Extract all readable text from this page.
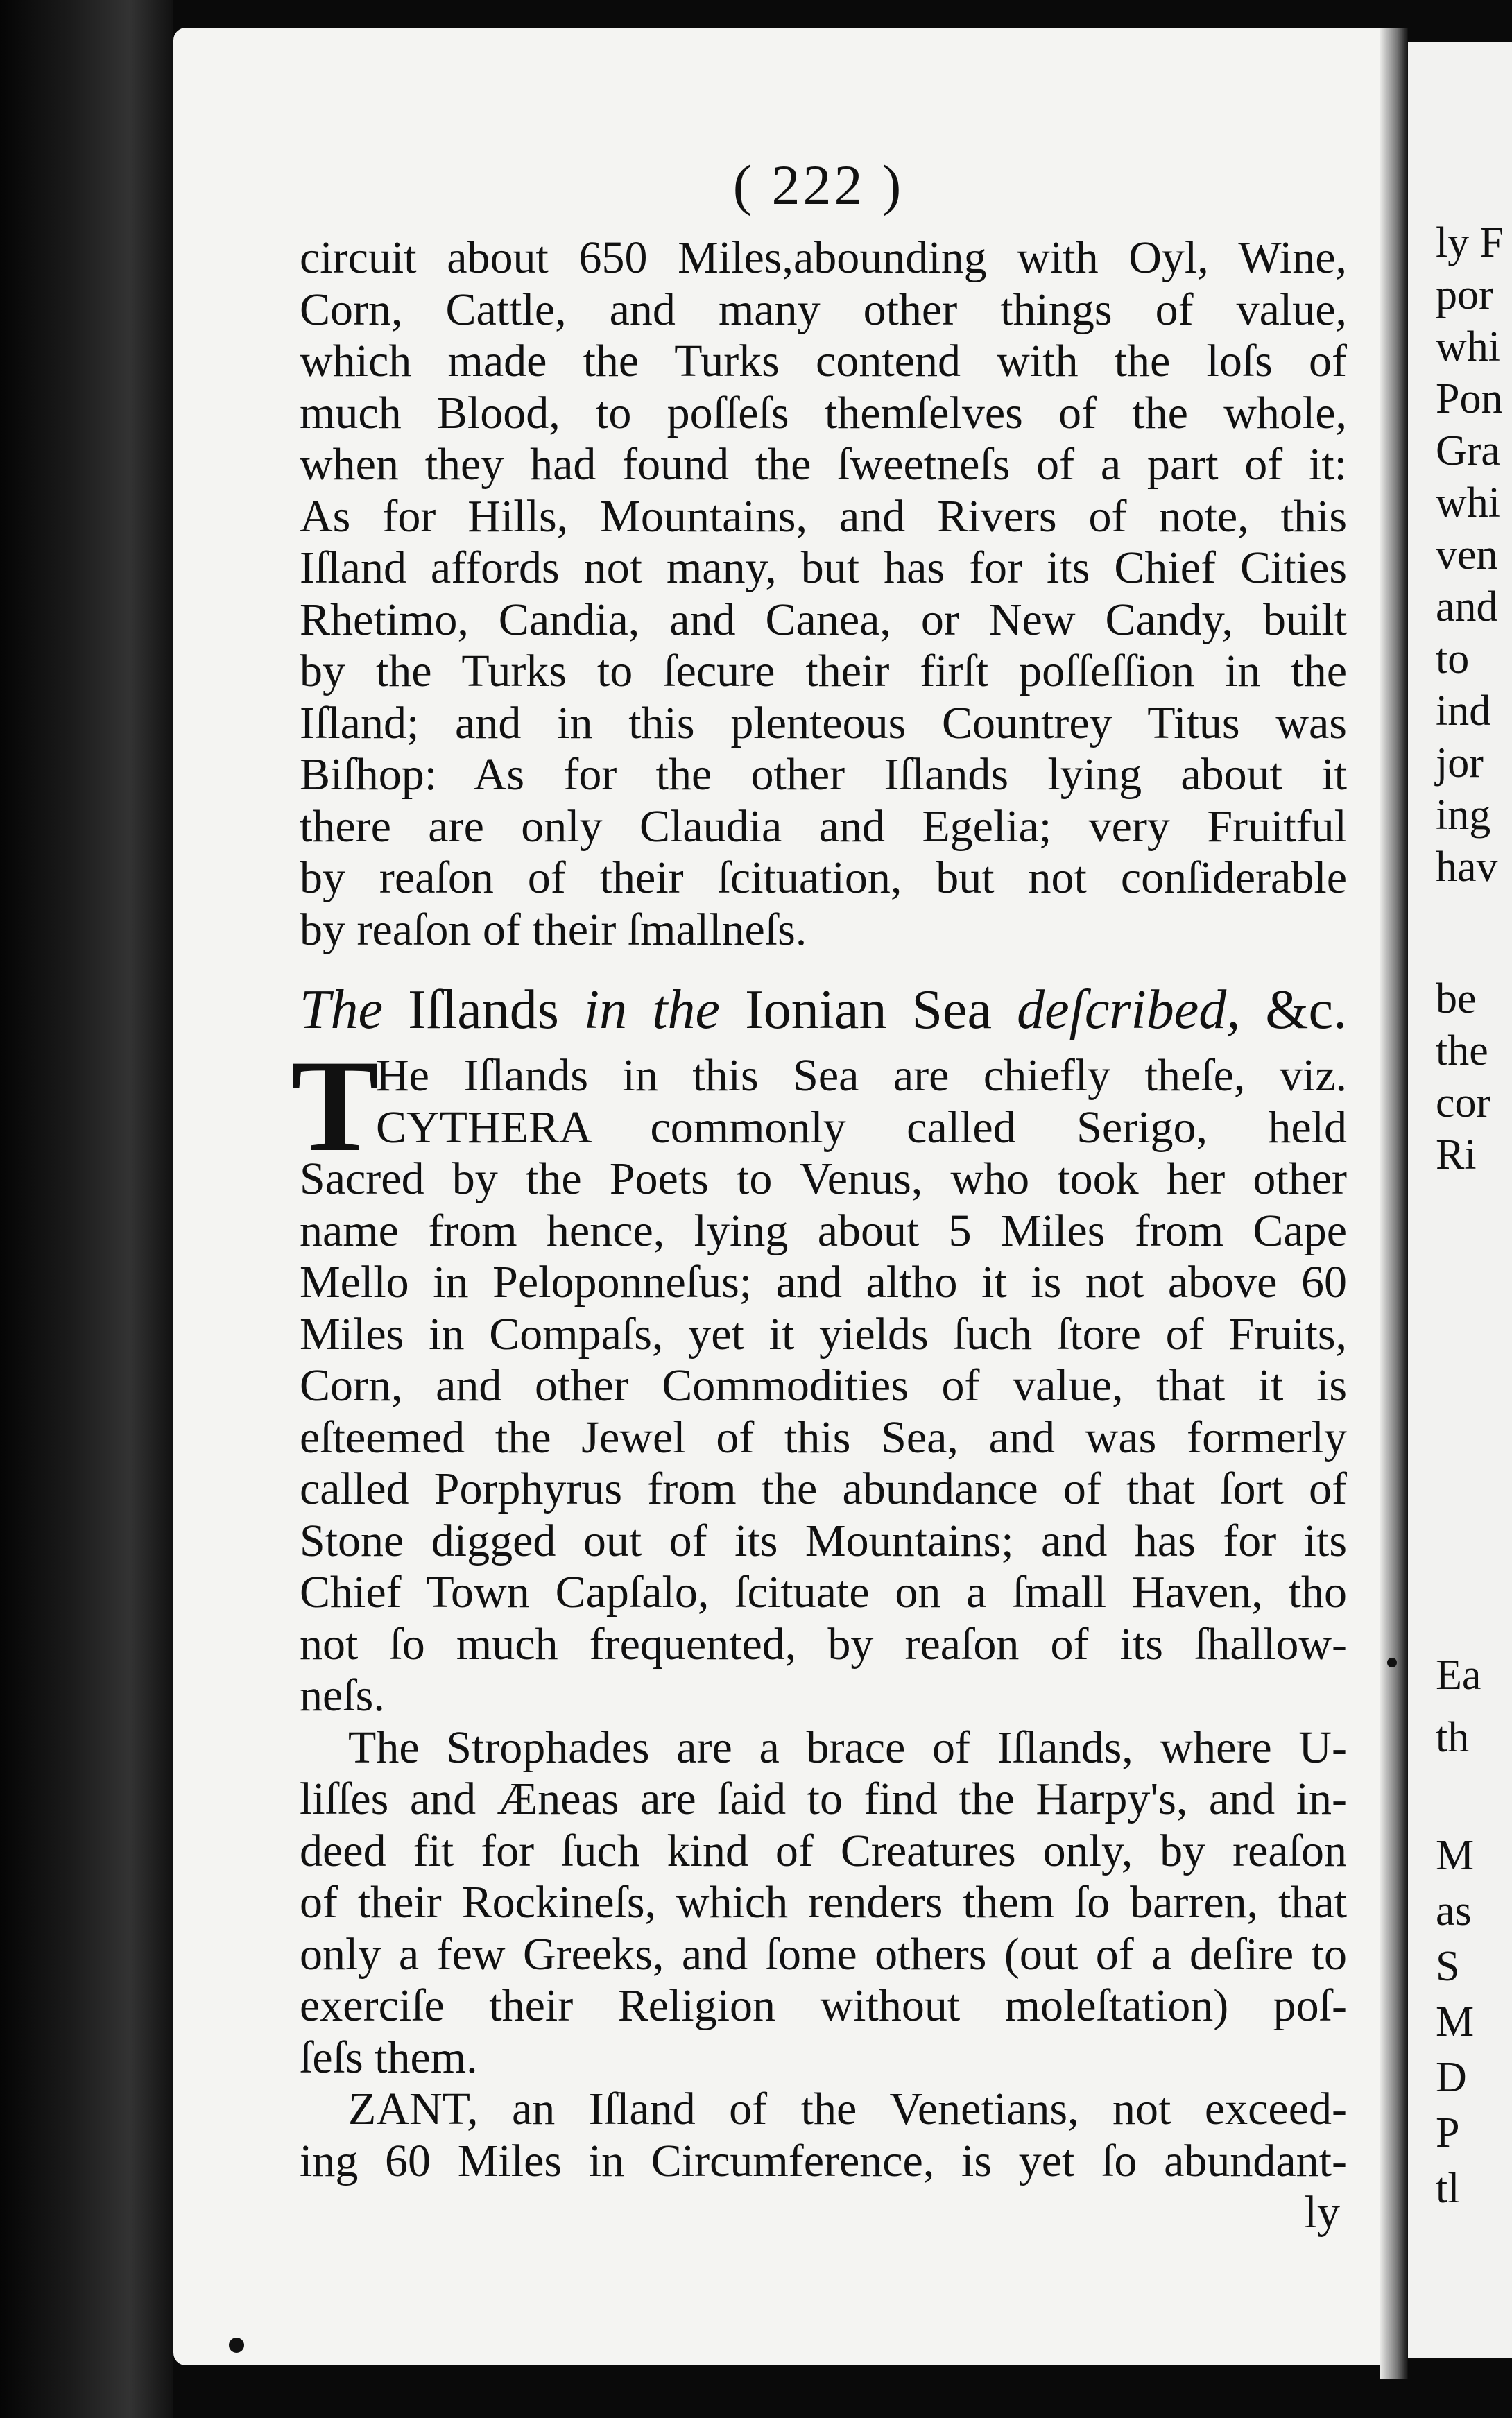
ly F
por
whi
Pon
Gra
whi
ven
and
to
ind
jor
ing
hav
be
the
cor
Ri
Ea
th
M
as
S
M
D
P
tl
( 222 )
circuit about 650 Miles,abounding with Oyl, Wine,
Corn, Cattle, and many other things of value,
which made the Turks contend with the loſs of
much Blood, to poſſeſs themſelves of the whole,
when they had found the ſweetneſs of a part of it:
As for Hills, Mountains, and Rivers of note, this
Iſland affords not many, but has for its Chief Cities
Rhetimo, Candia, and Canea, or New Candy, built
by the Turks to ſecure their firſt poſſeſſion in the
Iſland; and in this plenteous Countrey Titus was
Biſhop: As for the other Iſlands lying about it
there are only Claudia and Egelia; very Fruitful
by reaſon of their ſcituation, but not conſiderable
by reaſon of their ſmallneſs.
The Iſlands in the Ionian Sea deſcribed, &c.
T
He Iſlands in this Sea are chiefly theſe, viz.
CYTHERA commonly called Serigo, held
Sacred by the Poets to Venus, who took her other
name from hence, lying about 5 Miles from Cape
Mello in Peloponneſus; and altho it is not above 60
Miles in Compaſs, yet it yields ſuch ſtore of Fruits,
Corn, and other Commodities of value, that it is
eſteemed the Jewel of this Sea, and was formerly
called Porphyrus from the abundance of that ſort of
Stone digged out of its Mountains; and has for its
Chief Town Capſalo, ſcituate on a ſmall Haven, tho
not ſo much frequented, by reaſon of its ſhallow-
neſs.
The Strophades are a brace of Iſlands, where U-
liſſes and Æneas are ſaid to find the Harpy's, and in-
deed fit for ſuch kind of Creatures only, by reaſon
of their Rockineſs, which renders them ſo barren, that
only a few Greeks, and ſome others (out of a deſire to
exerciſe their Religion without moleſtation) poſ-
ſeſs them.
ZANT, an Iſland of the Venetians, not exceed-
ing 60 Miles in Circumference, is yet ſo abundant-
ly
